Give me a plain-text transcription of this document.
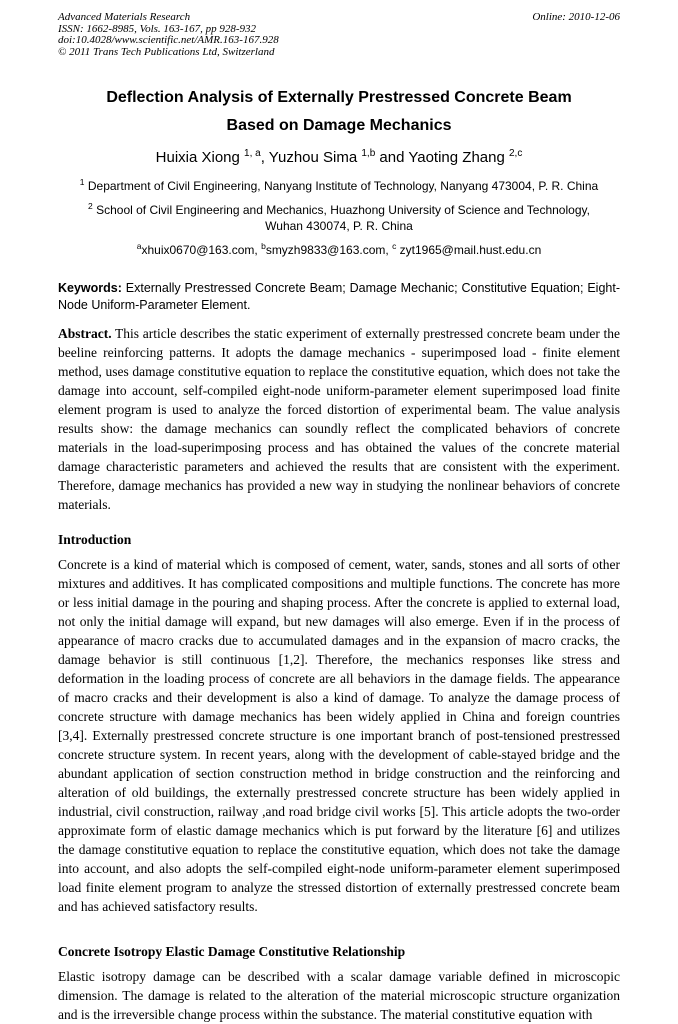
Advanced Materials Research
ISSN: 1662-8985, Vols. 163-167, pp 928-932
doi:10.4028/www.scientific.net/AMR.163-167.928
© 2011 Trans Tech Publications Ltd, Switzerland
Online: 2010-12-06
Deflection Analysis of Externally Prestressed Concrete Beam
Based on Damage Mechanics
Huixia Xiong $^{1, a}$, Yuzhou Sima $^{1,b}$ and Yaoting Zhang $^{2,c}$
$^1$ Department of Civil Engineering, Nanyang Institute of Technology, Nanyang 473004, P. R. China
$^2$ School of Civil Engineering and Mechanics, Huazhong University of Science and Technology,
Wuhan 430074, P. R. China
$^a$xhuix0670@163.com, $^b$smyzh9833@163.com, $^c$ zyt1965@mail.hust.edu.cn
Keywords: Externally Prestressed Concrete Beam; Damage Mechanic; Constitutive Equation; Eight-Node Uniform-Parameter Element.

Abstract. This article describes the static experiment of externally prestressed concrete beam under the beeline reinforcing patterns. It adopts the damage mechanics - superimposed load - finite element method, uses damage constitutive equation to replace the constitutive equation, which does not take the damage into account, self-compiled eight-node uniform-parameter element superimposed load finite element program is used to analyze the forced distortion of experimental beam. The value analysis results show: the damage mechanics can soundly reflect the complicated behaviors of concrete materials in the load-superimposing process and has obtained the values of the concrete material damage characteristic parameters and achieved the results that are consistent with the experiment. Therefore, damage mechanics has provided a new way in studying the nonlinear behaviors of concrete materials.

Introduction

Concrete is a kind of material which is composed of cement, water, sands, stones and all sorts of other mixtures and additives. It has complicated compositions and multiple functions. The concrete has more or less initial damage in the pouring and shaping process. After the concrete is applied to external load, not only the initial damage will expand, but new damages will also emerge. Even if in the process of appearance of macro cracks due to accumulated damages and in the expansion of macro cracks, the damage behavior is still continuous [1,2]. Therefore, the mechanics responses like stress and deformation in the loading process of concrete are all behaviors in the damage fields. The appearance of macro cracks and their development is also a kind of damage. To analyze the damage process of concrete structure with damage mechanics has been widely applied in China and foreign countries [3,4]. Externally prestressed concrete structure is one important branch of post-tensioned prestressed concrete structure system. In recent years, along with the development of cable-stayed bridge and the abundant application of section construction method in bridge construction and the reinforcing and alteration of old buildings, the externally prestressed concrete structure has been widely applied in industrial, civil construction, railway ,and road bridge civil works [5]. This article adopts the two-order approximate form of elastic damage mechanics which is put forward by the literature [6] and utilizes the damage constitutive equation to replace the constitutive equation, which does not take the damage into account, and also adopts the self-compiled eight-node uniform-parameter element superimposed load finite element program to analyze the stressed distortion of externally prestressed concrete beam and has achieved satisfactory results.

Concrete Isotropy Elastic Damage Constitutive Relationship

Elastic isotropy damage can be described with a scalar damage variable defined in microscopic dimension. The damage is related to the alteration of the material microscopic structure organization and is the irreversible change process within the substance. The material constitutive equation with
